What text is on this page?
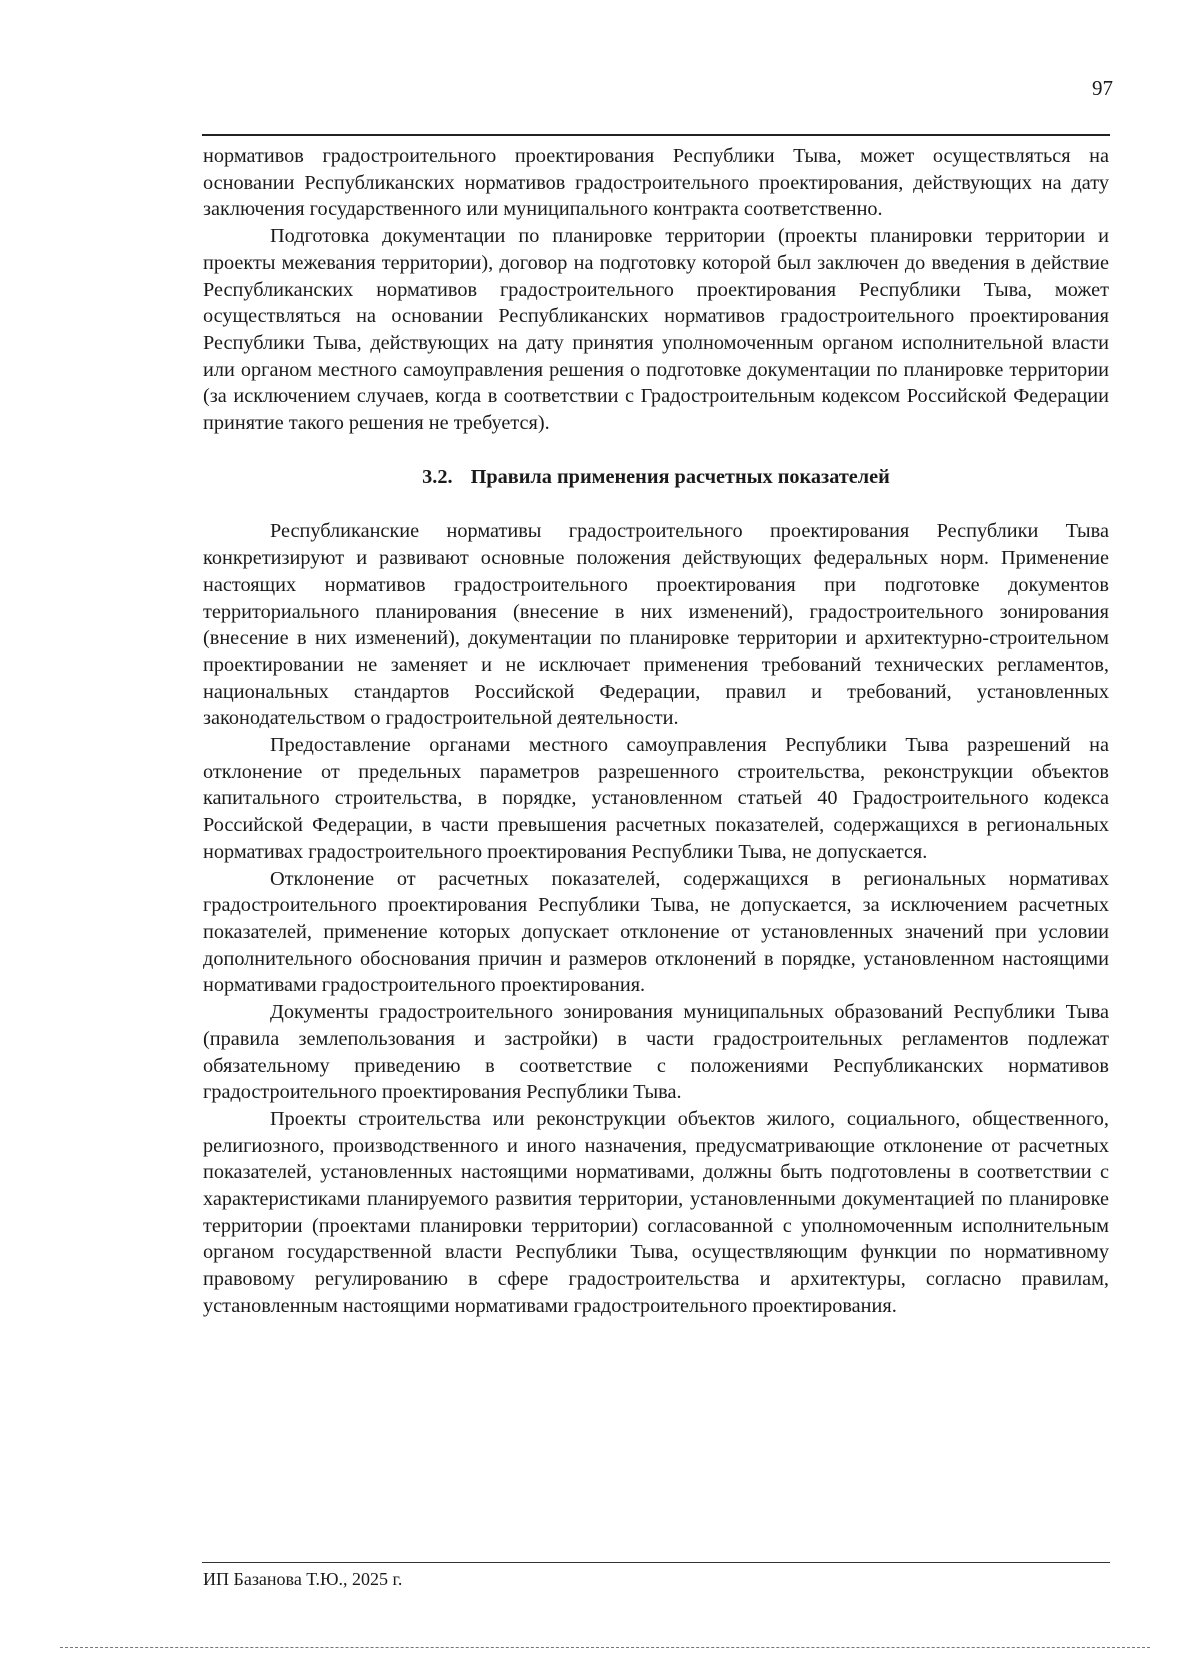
97

нормативов градостроительного проектирования Республики Тыва, может осуществляться на основании Республиканских нормативов градостроительного проектирования, действующих на дату заключения государственного или муниципального контракта соответственно.

Подготовка документации по планировке территории (проекты планировки территории и проекты межевания территории), договор на подготовку которой был заключен до введения в действие Республиканских нормативов градостроительного проектирования Республики Тыва, может осуществляться на основании Республиканских нормативов градостроительного проектирования Республики Тыва, действующих на дату принятия уполномоченным органом исполнительной власти или органом местного самоуправления решения о подготовке документации по планировке территории (за исключением случаев, когда в соответствии с Градостроительным кодексом Российской Федерации принятие такого решения не требуется).

3.2. Правила применения расчетных показателей

Республиканские нормативы градостроительного проектирования Республики Тыва конкретизируют и развивают основные положения действующих федеральных норм. Применение настоящих нормативов градостроительного проектирования при подготовке документов территориального планирования (внесение в них изменений), градостроительного зонирования (внесение в них изменений), документации по планировке территории и архитектурно-строительном проектировании не заменяет и не исключает применения требований технических регламентов, национальных стандартов Российской Федерации, правил и требований, установленных законодательством о градостроительной деятельности.

Предоставление органами местного самоуправления Республики Тыва разрешений на отклонение от предельных параметров разрешенного строительства, реконструкции объектов капитального строительства, в порядке, установленном статьей 40 Градостроительного кодекса Российской Федерации, в части превышения расчетных показателей, содержащихся в региональных нормативах градостроительного проектирования Республики Тыва, не допускается.

Отклонение от расчетных показателей, содержащихся в региональных нормативах градостроительного проектирования Республики Тыва, не допускается, за исключением расчетных показателей, применение которых допускает отклонение от установленных значений при условии дополнительного обоснования причин и размеров отклонений в порядке, установленном настоящими нормативами градостроительного проектирования.

Документы градостроительного зонирования муниципальных образований Республики Тыва (правила землепользования и застройки) в части градостроительных регламентов подлежат обязательному приведению в соответствие с положениями Республиканских нормативов градостроительного проектирования Республики Тыва.

Проекты строительства или реконструкции объектов жилого, социального, общественного, религиозного, производственного и иного назначения, предусматривающие отклонение от расчетных показателей, установленных настоящими нормативами, должны быть подготовлены в соответствии с характеристиками планируемого развития территории, установленными документацией по планировке территории (проектами планировки территории) согласованной с уполномоченным исполнительным органом государственной власти Республики Тыва, осуществляющим функции по нормативному правовому регулированию в сфере градостроительства и архитектуры, согласно правилам, установленным настоящими нормативами градостроительного проектирования.

ИП Базанова Т.Ю., 2025 г.
